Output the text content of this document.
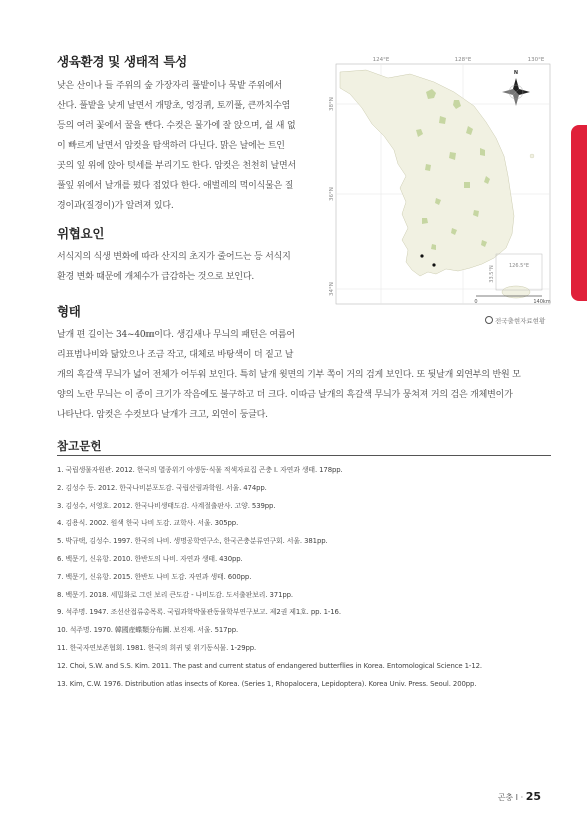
생육환경 및 생태적 특성

낮은 산이나 들 주위의 숲 가장자리 풀밭이나 묵밭 주위에서

산다. 풀밭을 낮게 날면서 개망초, 엉겅퀴, 토끼풀, 큰까치수염

등의 여러 꽃에서 꿀을 빤다. 수컷은 물가에 잘 앉으며, 쉴 새 없

이 빠르게 날면서 암컷을 탐색하러 다닌다. 맑은 날에는 트인

곳의 잎 위에 앉아 텃세를 부리기도 한다. 암컷은 천천히 날면서

풀잎 위에서 날개를 펐다 접었다 한다. 애벌레의 먹이식물은 질

경이과(질경이)가 알려져 있다.

위협요인

서식지의 식생 변화에 따라 산지의 초지가 줄어드는 등 서식지

환경 변화 때문에 개체수가 급감하는 것으로 보인다.

형태

날개 편 길이는 34~40㎜이다. 생김새나 무늬의 패턴은 여름어

리표범나비와 닮았으나 조금 작고, 대체로 바탕색이 더 짙고 날

개의 흑갈색 무늬가 넓어 전체가 어두워 보인다. 특히 날개 윗면의 기부 쪽이 거의 검게 보인다. 또 뒷날개 외연부의 반원 모

양의 노란 무늬는 이 종이 크기가 작음에도 불구하고 더 크다. 이따금 날개의 흑갈색 무늬가 뭉쳐져 거의 검은 개체변이가

나타난다. 암컷은 수컷보다 날개가 크고, 외연이 둥글다.

124°E	128°E	130°E
38°N
36°N
34°N
N
126.5°E
33.5°N
0	140km
전국출현자료현황
참고문헌
1. 국립생물자원관. 2012. 한국의 멸종위기 야생동·식물 적색자료집 곤충 I. 자연과 생태. 178pp.
2. 김성수 등. 2012. 한국나비분포도감. 국립산림과학원. 서울. 474pp.
3. 김성수, 서영호. 2012. 한국나비생태도감. 사계절출판사. 고양. 539pp.
4. 김용식. 2002. 원색 한국 나비 도감. 교학사. 서울. 305pp.
5. 박규택, 김성수. 1997. 한국의 나비. 생명공학연구소, 한국곤충분류연구회. 서울. 381pp.
6. 백문기, 신유항. 2010. 한반도의 나비. 자연과 생태. 430pp.
7. 백문기, 신유항. 2015. 한반도 나비 도감. 자연과 생태. 600pp.
8. 백문기. 2018. 세밀화로 그린 보리 큰도감 - 나비도감. 도서출판보리. 371pp.
9. 석주명. 1947. 조선산접류총목록. 국립과학박물관동물학부연구보고. 제2권 제1호. pp. 1-16.
10. 석주명. 1970. 韓國産蝶類分布圖. 보진재. 서울. 517pp.
11. 한국자연보존협회. 1981. 한국의 희귀 및 위기동식물. 1-29pp.
12. Choi, S.W. and S.S. Kim. 2011. The past and current status of endangered butterflies in Korea. Entomological Science 1-12.
13. Kim, C.W. 1976. Distribution atlas insects of Korea. (Series 1, Rhopalocera, Lepidoptera). Korea Univ. Press. Seoul. 200pp.
곤충 I · 25
